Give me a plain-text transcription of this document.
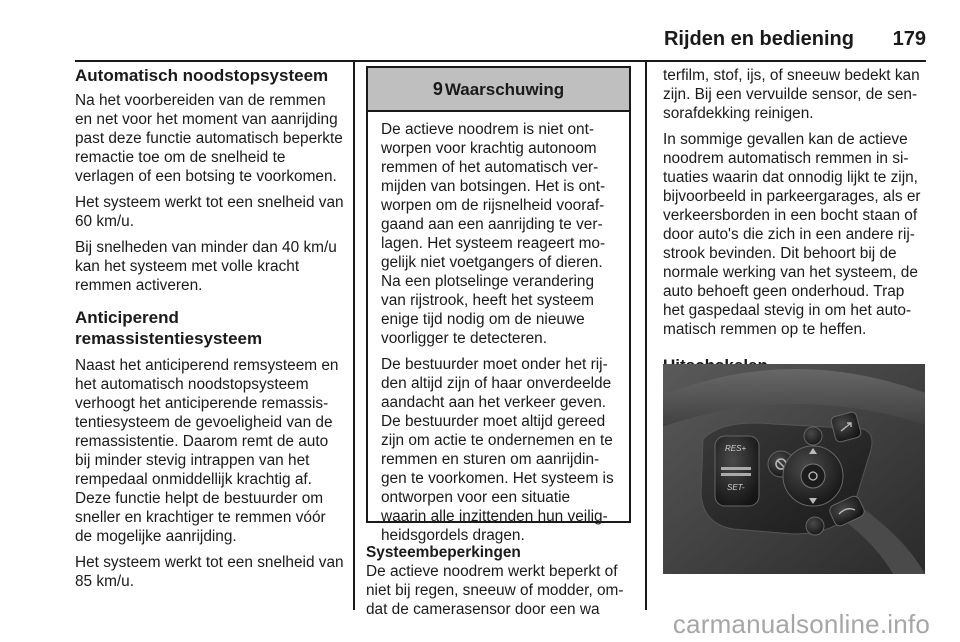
Rijden en bediening 179
Automatisch noodstopsysteem

Na het voorbereiden van de remmen en net voor het moment van aanrijding past deze functie automatisch beperkte remactie toe om de snelheid te verlagen of een botsing te voorkomen.

Het systeem werkt tot een snelheid van 60 km/u.

Bij snelheden van minder dan 40 km/u kan het systeem met volle kracht remmen activeren.

Anticiperend remassistentiesysteem

Naast het anticiperend remsysteem en het automatisch noodstopsysteem verhoogt het anticiperende remassistentiesysteem de gevoeligheid van de remassistentie. Daarom remt de auto bij minder stevig intrappen van het rempedaal onmiddellijk krachtig af. Deze functie helpt de bestuurder om sneller en krachtiger te remmen vóór de mogelijke aanrijding.

Het systeem werkt tot een snelheid van 85 km/u.

9 Waarschuwing

De actieve noodrem is niet ontworpen voor krachtig autonoom remmen of het automatisch vermijden van botsingen. Het is ontworpen om de rijsnelheid voorafgaand aan een aanrijding te verlagen. Het systeem reageert mogelijk niet voetgangers of dieren. Na een plotselinge verandering van rijstrook, heeft het systeem enige tijd nodig om de nieuwe voorligger te detecteren.

De bestuurder moet onder het rijden altijd zijn of haar onverdeelde aandacht aan het verkeer geven. De bestuurder moet altijd gereed zijn om actie te ondernemen en te remmen en sturen om aanrijdingen te voorkomen. Het systeem is ontworpen voor een situatie waarin alle inzittenden hun veiligheidsgordels dragen.

Systeembeperkingen

De actieve noodrem werkt beperkt of niet bij regen, sneeuw of modder, omdat de camerasensor door een wa

terfilm, stof, ijs, of sneeuw bedekt kan zijn. Bij een vervuilde sensor, de sensorafdekking reinigen.

In sommige gevallen kan de actieve noodrem automatisch remmen in situaties waarin dat onnodig lijkt te zijn, bijvoorbeeld in parkeergarages, als er verkeersborden in een bocht staan of door auto's die zich in een andere rijstrook bevinden. Dit behoort bij de normale werking van het systeem, de auto behoeft geen onderhoud. Trap het gaspedaal stevig in om het automatisch remmen op te heffen.

RES+
SET-
carmanualsonline.info
